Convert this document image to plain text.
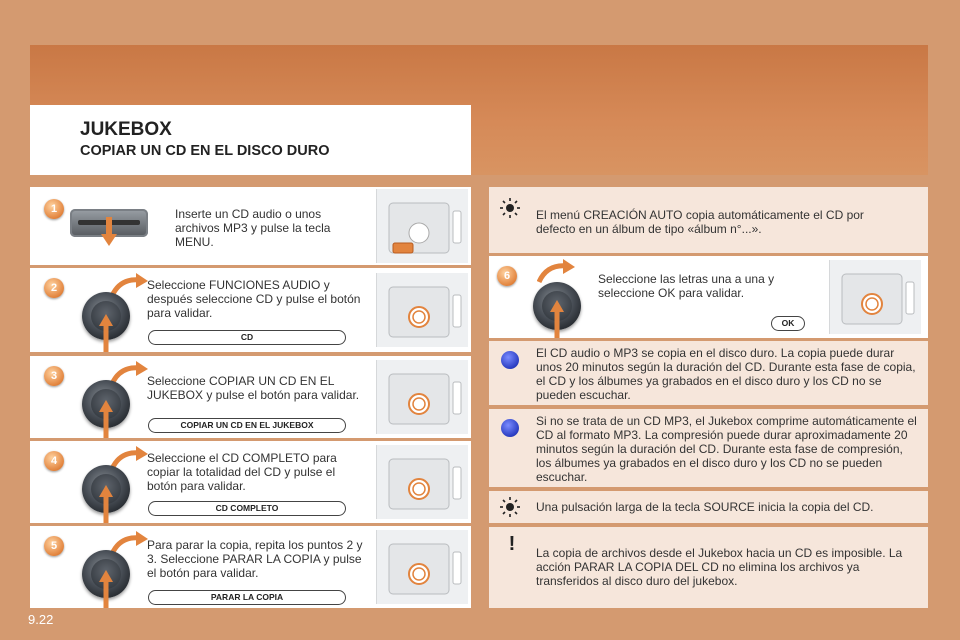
JUKEBOX
COPIAR UN CD EN EL DISCO DURO
1	Inserte un CD audio o unos archivos MP3 y pulse la tecla MENU.
2	Seleccione FUNCIONES AUDIO y después seleccione CD y pulse el botón para validar.
CD
3	Seleccione COPIAR UN CD EN EL JUKEBOX y pulse el botón para validar.
COPIAR UN CD EN EL JUKEBOX
4	Seleccione el CD COMPLETO para copiar la totalidad del CD y pulse el botón para validar.
CD COMPLETO
5	Para parar la copia, repita los puntos 2 y 3. Seleccione PARAR LA COPIA y pulse el botón para validar.
PARAR LA COPIA
El menú CREACIÓN AUTO copia automáticamente el CD por defecto en un álbum de tipo «álbum n°...».
6	Seleccione las letras una a una y seleccione OK para validar.
OK
El CD audio o MP3 se copia en el disco duro. La copia puede durar unos 20 minutos según la duración del CD. Durante esta fase de copia, el CD y los álbumes ya grabados en el disco duro y los CD no se pueden escuchar.
Si no se trata de un CD MP3, el Jukebox comprime automáticamente el CD al formato MP3. La compresión puede durar aproximadamente 20 minutos según la duración del CD. Durante esta fase de compresión, los álbumes ya grabados en el disco duro y los CD no se pueden escuchar.
Una pulsación larga de la tecla SOURCE inicia la copia del CD.
!	La copia de archivos desde el Jukebox hacia un CD es imposible. La acción PARAR LA COPIA DEL CD no elimina los archivos ya transferidos al disco duro del jukebox.
9.22
